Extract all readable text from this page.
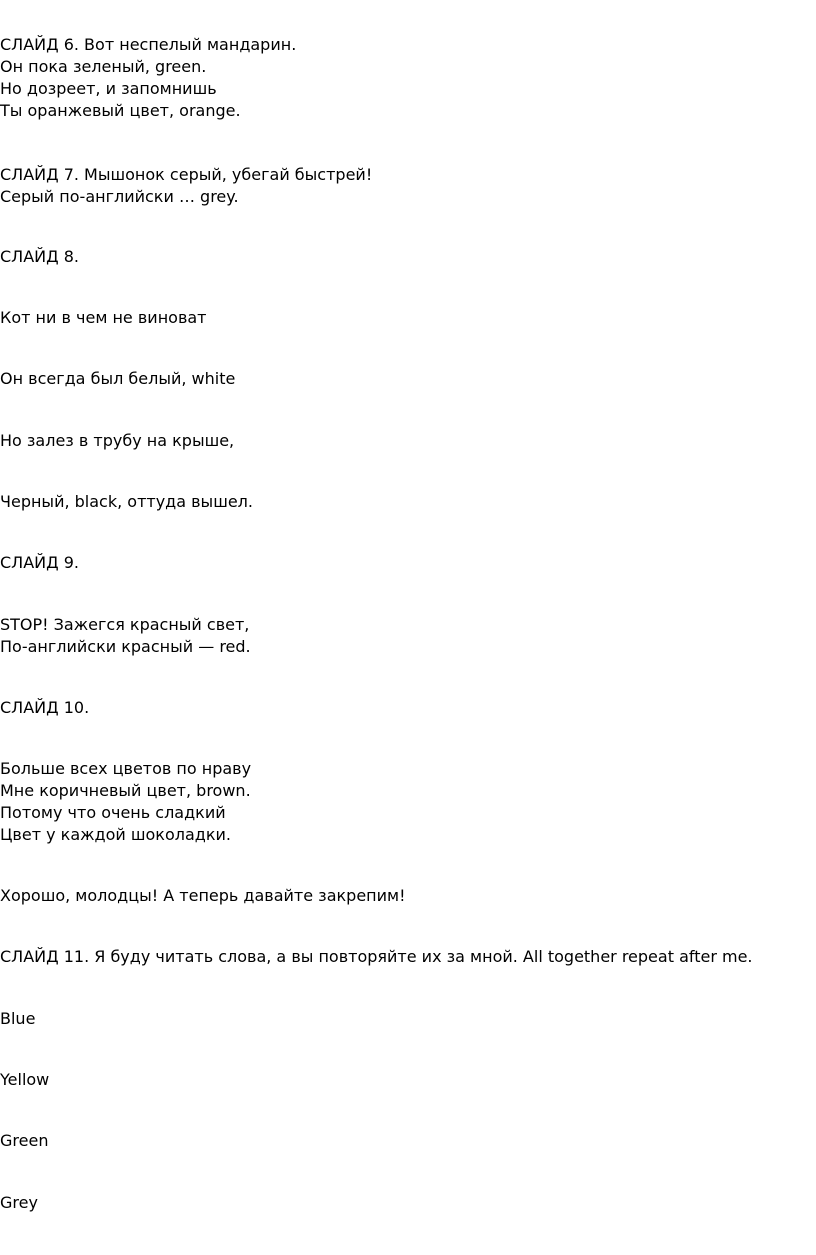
СЛАЙД 6. Вот неспелый мандарин.

Он пока зеленый, green.

Но дозреет, и запомнишь

Ты оранжевый цвет, orange.

СЛАЙД 7. Мышонок серый, убегай быстрей!

Серый по-английски … grey.

СЛАЙД 8.

Кот ни в чем не виноват

Он всегда был белый, white

Но залез в трубу на крыше,

Черный, black, оттуда вышел.

СЛАЙД 9.

STOP! Зажегся красный свет,

По-английски красный — red.

СЛАЙД 10.

Больше всех цветов по нраву

Мне коричневый цвет, brown.

Потому что очень сладкий

Цвет у каждой шоколадки.

Хорошо, молодцы! А теперь давайте закрепим!

СЛАЙД 11. Я буду читать слова, а вы повторяйте их за мной. All together repeat after me.

Blue

Yellow

Green

Grey
